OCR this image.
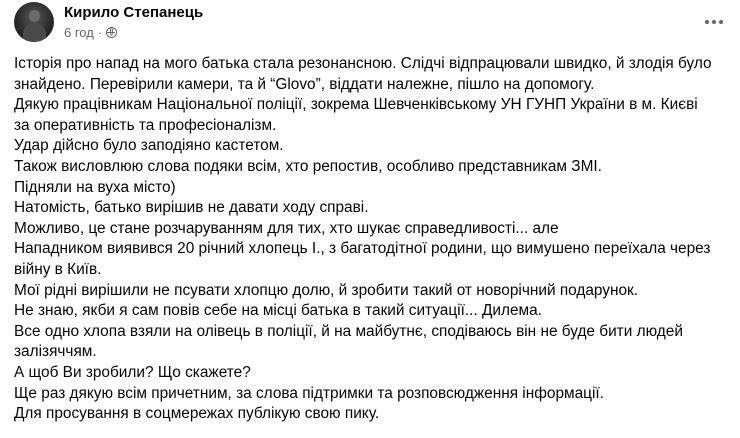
Кирило Степанець
6 год ·

Історія про напад на мого батька стала резонансною. Слідчі відпрацювали швидко, й злодія було

знайдено. Перевірили камери, та й “Glovo”, віддати належне, пішло на допомогу.

Дякую працівникам Національної поліції, зокрема Шевченківському УН ГУНП України в м. Києві

за оперативність та професіоналізм.

Удар дійсно було заподіяно кастетом.

Також висловлюю слова подяки всім, хто репостив, особливо представникам ЗМІ.

Підняли на вуха місто)

Натомість, батько вирішив не давати ходу справі.

Можливо, це стане розчаруванням для тих, хто шукає справедливості... але

Нападником виявився 20 річний хлопець І., з багатодітної родини, що вимушено переїхала через

війну в Київ.

Мої рідні вирішили не псувати хлопцю долю, й зробити такий от новорічний подарунок.

Не знаю, якби я сам повів себе на місці батька в такий ситуації... Дилема.

Все одно хлопа взяли на олівець в поліції, й на майбутнє, сподіваюсь він не буде бити людей

залізяччям.

А щоб Ви зробили? Що скажете?

Ще раз дякую всім причетним, за слова підтримки та розповсюдження інформації.

Для просування в соцмережах публікую свою пику.
